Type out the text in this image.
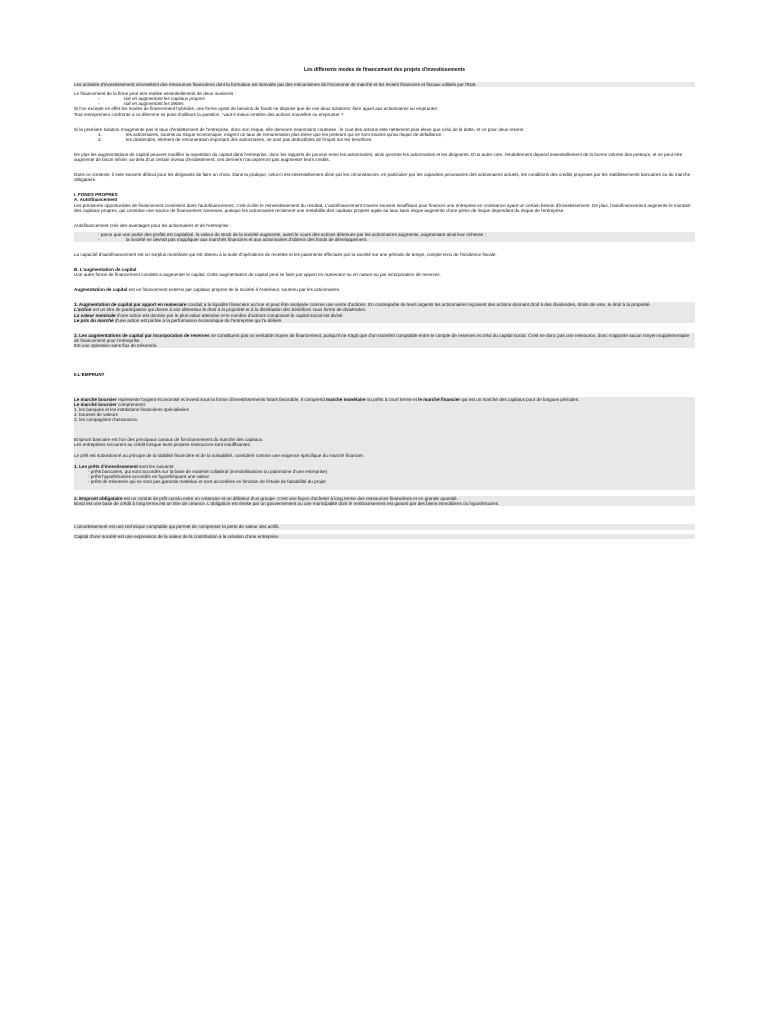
Les differents modes de financement des projets d'investissements

Les activités d'investissement nécessitent des ressources financières dont la formation est stimulée par des mécanismes de l'économie de marché et les leviers financiers et fiscaux utilisés par l'Etat.

Le financement de la firme peut etre realise essentiellement de deux manieres :

-	soit en augmentant les capitaux propres

-	soit en augmentant les dettes.

Si l'on excepte en effet les modes de financement hybrides, une forme ayant de besoins de fonds ne dispose que de ces deux solutions: faire appel aux actionnaires ou emprunter.

Tout entrepreneur confronte a ce dilemme se pose d'ailleurs la question : vaut-il mieux emettre des actions nouvelles ou emprunter ?

Si la premiere solution n'augmente pas le taux d'endettement de l'entreprise, donc son risque, elle demeure neanmoins couteuse : le cout des actions este nettement plus eleve que celui de la dette, et ce pour deux resons :

1.	les actionnaires, soumis au risque economique, exigent un taux de remuneration plus eleve que les preteurs qui ne sont soumis qu'au risque de defaillance ;

2.	les dividendes, element de remuneration important des actionnaires, ne sont pas deductibles de l'impot sur les benefices.

De plus les augmentations de capital peuvent modifier la repartition du capital dans l'entreprise, donc les rapports de pouvoir entre les actionnaires, ainsi qu'entre les actionnaires et les dirigeants. D'un autre cote, l'endettement depend essentiellement de la bonne volonte des preteurs, et ne peut etre augmente de facon infinie: au-dela d'un certain niveau d'endettement, ces derniers n'accepteront pas augmenter leurs credits.

Dans ce contexte, il este souvent délicat pour les dirigeants de faire un choix. Dans la pratique, celui-ci est essentiellement dicte par les circonstances, en particulier par les capacites pecuniaires des actionnaires actuels, les conditions des credits proposes par les etablissements bancaires ou du marche obligataire.

I. FONDS PROPRES

A. Autofinancement

Les premieres opportunities de financement consistent dans l'autofinancement, c'est-à-dire le reinvestissement du resultat. L'autofinancement s'avere souvent insuffisant pour financer une entreprise en croissance ayant un certain besoin d'investissement. De plus, l'autofinancement augmente le montant des capitaux propres, qui constitue une source de financement onereuse, puisque les actionnaires reclament une rentabilite des capitaux propres egale au taux sans risque augmente d'une prime de risque dependant du risque de l'entreprise.

Autofinancement crée des avantages pour les actionnaires et de l'entreprise :

- parce que une partie des profits est capitalisé, la valeur du stock de la société augmente, aussi le cours des actions détenues par les actionnaires augmente, augmentant ainsi leur richesse ;

-	la société ne devrait pas s'appliquer aux marchés financiers et aux actionnaires d'obtenir des fonds de développement.

La capacité d'autofinancement est un surplus monétaire qui est obtenu à la suite d'opérations de recettes et les paiements effectués par la société sur une période de temps, compte tenu de l'incidence fiscale.

B. L'augmentation de capital

Une autre forme de financement consiste a augmenter le capital. Cette augmentation de capital peut se faire par apport en numeraire ou en nature ou par incorporation de reserves.

Augmentation de capital est un financement externe par capitaux propres de la société à l'extérieur, soutenu par les actionnaires.

1. Augmentation de capital par apport en numeraire conduit a la liquidité financiere accrue et peut être analysée comme une vente d'actions. En contrepartie de leurs argents les actionnaires reçoivent des actions donnant droit à des dividendes, droits de vote, le droit à la propriété.

L'action est un titre de participation qui donne à son détenteur le droit à la propriété et à la distribution des bénéfices sous forme de dividendes.

La valeur nominale d'une action est donnée par le plus-value attendue et le nombre d'actions composant le capital social est divisé.

Le prix du marché d'une action est portée à la performance économique de l'entreprise qui l'a délivré.

2. Les augmentations de capital par incorporation de reserves ne constituent pas un veritable moyen de financement, puisqu'il ne s'agit que d'un transfert comptable entre le compte de reserves et celui du capital social. C'est ne donc pas une ressource, donc n'apporte aucun moyen supplementaire de financement pour l'entreprise.

Est une opération sans flux de trésorerie.

II.L'EMPRUNT

Le marché boursier represente l'argent économisé et investi sous la forme d'investissements futurs favorable. Il comprend marché monétaire ou prêts à court terme et le marché financier qui est un marché des capitaux pour de longues périodes.

Le marché boursier comprennent:

1. les banques et les institutions financières spécialisées

2. bourses de valeurs

3. les compagnies d'assurance.

Emprunt bancaire est l'un des principaux canaux de fonctionnement du marché des capitaux.

Les entreprises recourent au crédit lorsque leurs propres ressources sont insuffisantes.

Le prêt est subordonné au principe de la stabilité financière et de la solvabilité, considéré comme une exigence spécifique du marché financier.

1. Les prêts d'investissement sont les suivants:

- prêts bancaires, qui sont accordés sur la base de matériel collatéral (immobilisations ou patrimoine d'une entreprise)

- prêts hypothécaires accordés en hypothéquant une valeur

- prêts de trésorerie qui ne sont pas garantis matériau et sont accordées en fonction de l'étude de faisabilité du projet

2. Emprunt obligataire est un contrat de prêt conclu entre un créancier et un débiteur d'un groupe. C'est une façon d'acheter à long terme des ressources financières et en grande quantité.

Bond est une base de crédit à long terme,est un titre de créance. L'obligation est émise par un gouvernement ou une municipalité dont le remboursement est garanti par des biens immobiliers ou hypothécaires.

L'amortissement est une technique comptable qui permet de compenser la perte de valeur des actifs.

Capital d'une société est une expression de la valeur de la contribution à la création d'une entreprise.
